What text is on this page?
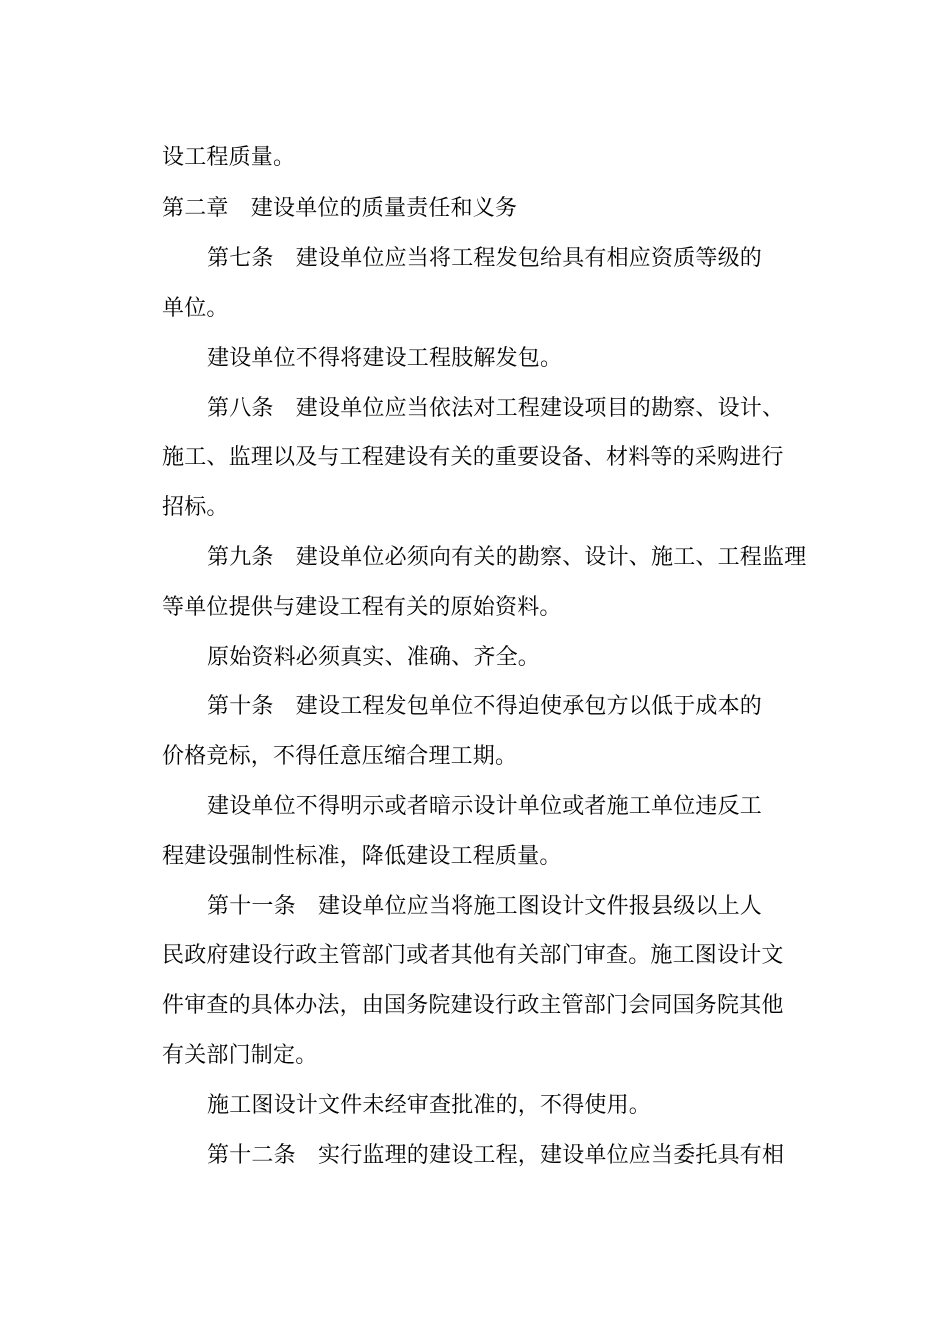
设工程质量。
第二章　建设单位的质量责任和义务
第七条　建设单位应当将工程发包给具有相应资质等级的
单位。
建设单位不得将建设工程肢解发包。
第八条　建设单位应当依法对工程建设项目的勘察、设计、
施工、监理以及与工程建设有关的重要设备、材料等的采购进行
招标。
第九条　建设单位必须向有关的勘察、设计、施工、工程监理
等单位提供与建设工程有关的原始资料。
原始资料必须真实、准确、齐全。
第十条　建设工程发包单位不得迫使承包方以低于成本的
价格竞标，不得任意压缩合理工期。
建设单位不得明示或者暗示设计单位或者施工单位违反工
程建设强制性标准，降低建设工程质量。
第十一条　建设单位应当将施工图设计文件报县级以上人
民政府建设行政主管部门或者其他有关部门审查。施工图设计文
件审查的具体办法，由国务院建设行政主管部门会同国务院其他
有关部门制定。
施工图设计文件未经审查批准的，不得使用。
第十二条　实行监理的建设工程，建设单位应当委托具有相
